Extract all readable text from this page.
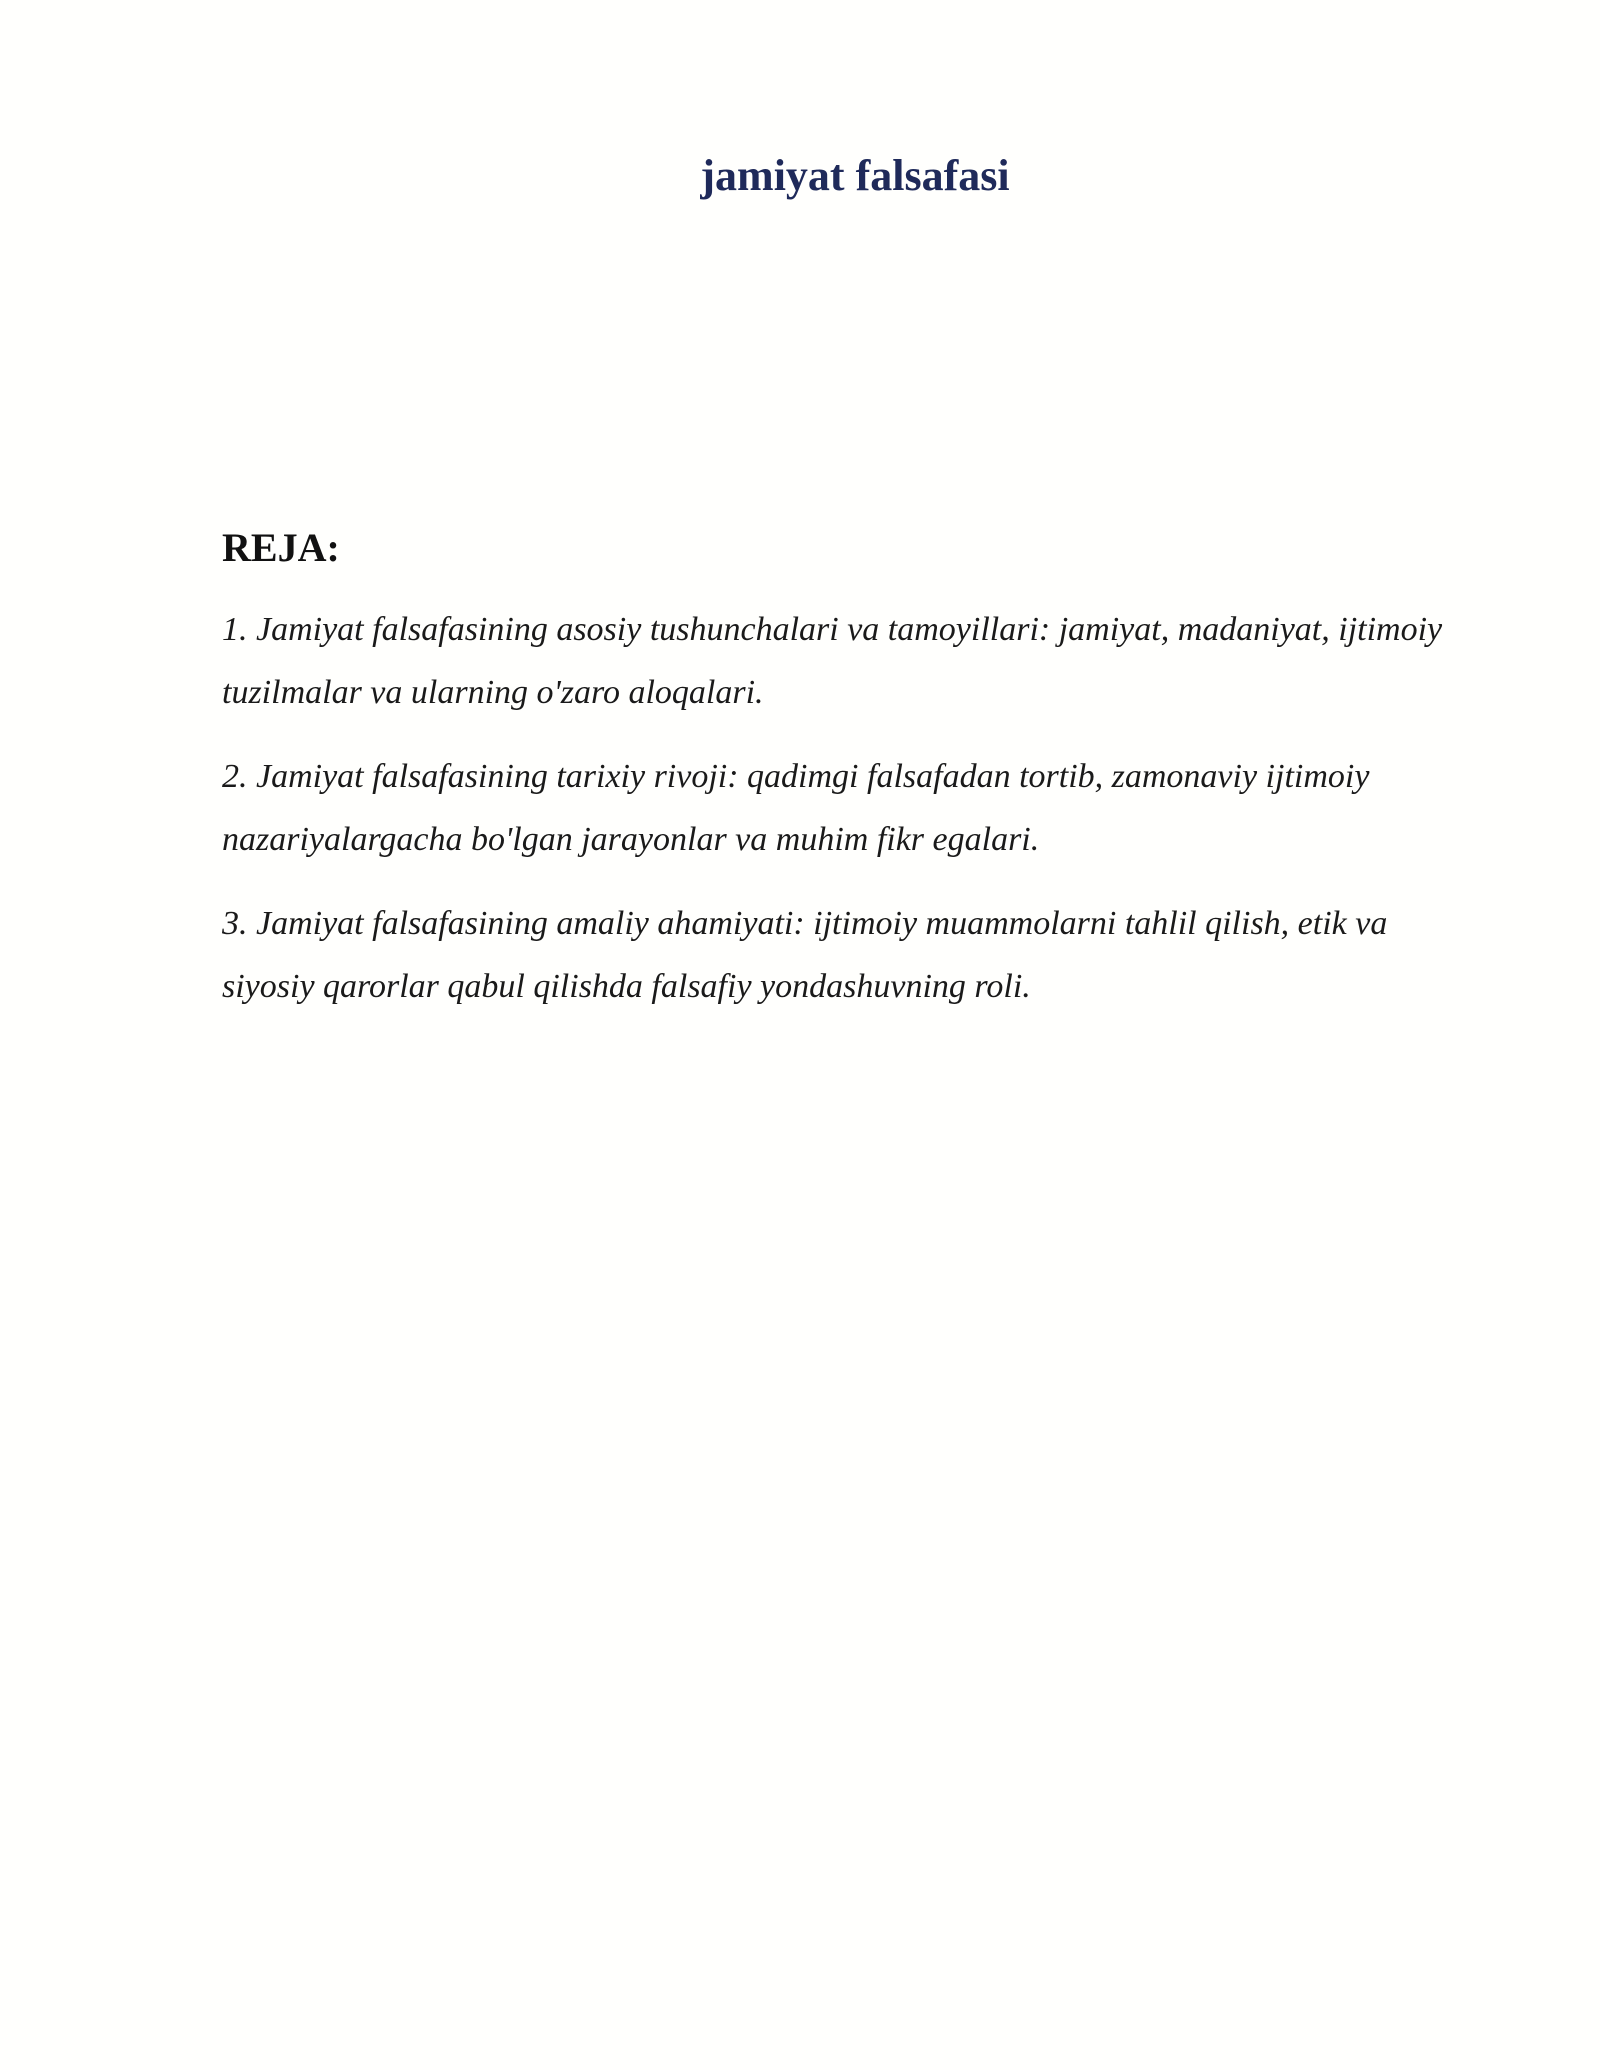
jamiyat falsafasi
REJA:

1. Jamiyat falsafasining asosiy tushunchalari va tamoyillari: jamiyat, madaniyat, ijtimoiy tuzilmalar va ularning o'zaro aloqalari.

2. Jamiyat falsafasining tarixiy rivoji: qadimgi falsafadan tortib, zamonaviy ijtimoiy nazariyalargacha bo'lgan jarayonlar va muhim fikr egalari.

3. Jamiyat falsafasining amaliy ahamiyati: ijtimoiy muammolarni tahlil qilish, etik va siyosiy qarorlar qabul qilishda falsafiy yondashuvning roli.
